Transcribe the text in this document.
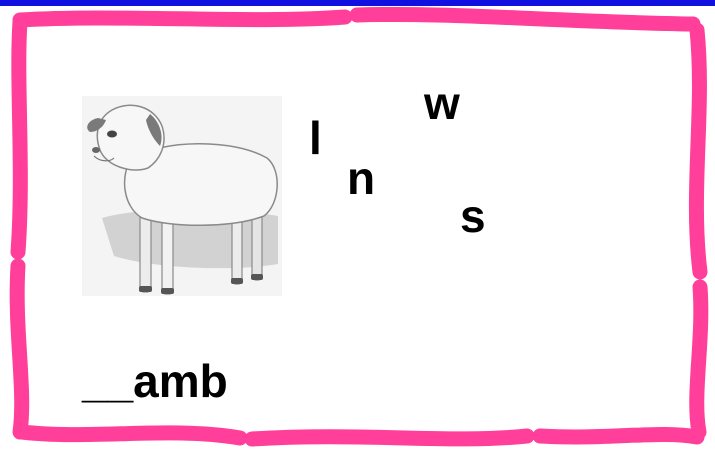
l
w
n
s
__amb
